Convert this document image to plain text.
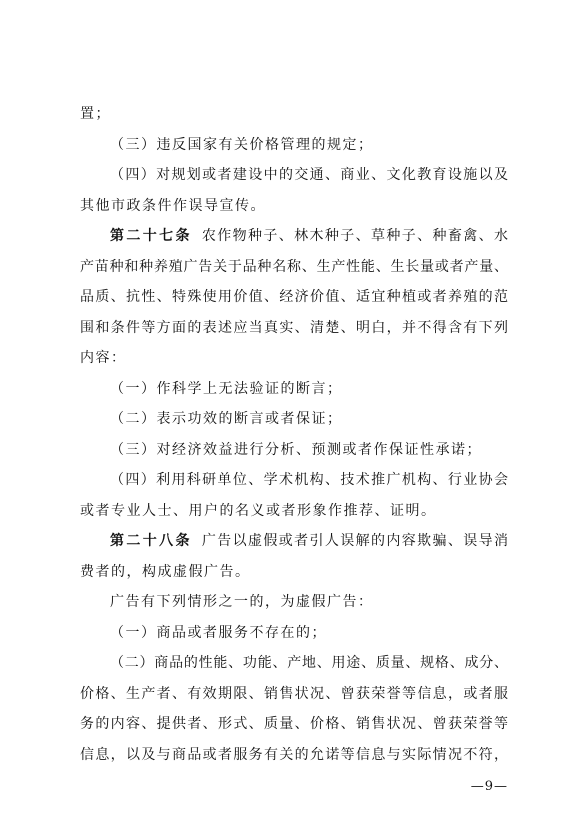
置；
（三）违反国家有关价格管理的规定；
（四）对规划或者建设中的交通、商业、文化教育设施以及
其他市政条件作误导宣传。
第二十七条 农作物种子、林木种子、草种子、种畜禽、水
产苗种和种养殖广告关于品种名称、生产性能、生长量或者产量、
品质、抗性、特殊使用价值、经济价值、适宜种植或者养殖的范
围和条件等方面的表述应当真实、清楚、明白，并不得含有下列
内容：
（一）作科学上无法验证的断言；
（二）表示功效的断言或者保证；
（三）对经济效益进行分析、预测或者作保证性承诺；
（四）利用科研单位、学术机构、技术推广机构、行业协会
或者专业人士、用户的名义或者形象作推荐、证明。
第二十八条 广告以虚假或者引人误解的内容欺骗、误导消
费者的，构成虚假广告。
广告有下列情形之一的，为虚假广告：
（一）商品或者服务不存在的；
（二）商品的性能、功能、产地、用途、质量、规格、成分、
价格、生产者、有效期限、销售状况、曾获荣誉等信息，或者服
务的内容、提供者、形式、质量、价格、销售状况、曾获荣誉等
信息，以及与商品或者服务有关的允诺等信息与实际情况不符，
—9—
